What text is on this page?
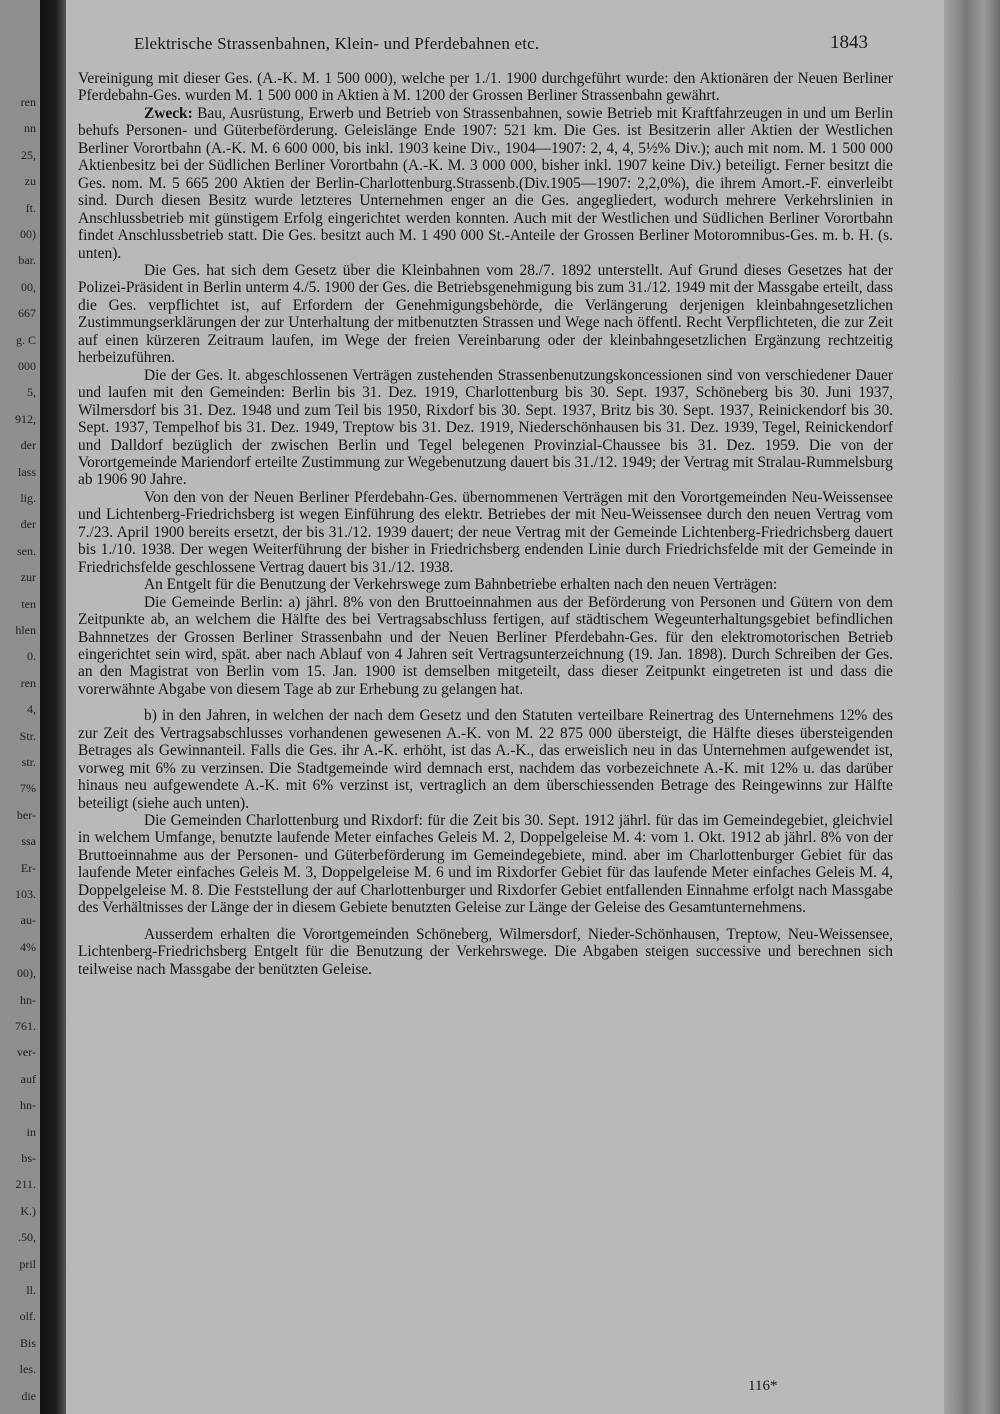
ren
nn
25,
zu
ft.
00)
bar.
00,
667
g. C
000
5,
912,
der
lass
lig.
der
sen.
zur
ten
hlen
0.
ren
4,
Str.
str.
7%
ber-
ssa
Er-
103.
au-
4%
00),
hn-
761.
ver-
auf
hn-
in
bs-
211.
K.)
.50,
pril
ll.
olf.
Bis
les.
die
Elektrische Strassenbahnen, Klein- und Pferdebahnen etc.	1843

Vereinigung mit dieser Ges. (A.-K. M. 1 500 000), welche per 1./1. 1900 durchgeführt wurde: den Aktionären der Neuen Berliner Pferdebahn-Ges. wurden M. 1 500 000 in Aktien à M. 1200 der Grossen Berliner Strassenbahn gewährt.

Zweck: Bau, Ausrüstung, Erwerb und Betrieb von Strassenbahnen, sowie Betrieb mit Kraftfahrzeugen in und um Berlin behufs Personen- und Güterbeförderung. Geleislänge Ende 1907: 521 km. Die Ges. ist Besitzerin aller Aktien der Westlichen Berliner Vorortbahn (A.-K. M. 6 600 000, bis inkl. 1903 keine Div., 1904—1907: 2, 4, 4, 5½% Div.); auch mit nom. M. 1 500 000 Aktienbesitz bei der Südlichen Berliner Vorortbahn (A.-K. M. 3 000 000, bisher inkl. 1907 keine Div.) beteiligt. Ferner besitzt die Ges. nom. M. 5 665 200 Aktien der Berlin-Charlottenburg.Strassenb.(Div.1905—1907: 2,2,0%), die ihrem Amort.-F. einverleibt sind. Durch diesen Besitz wurde letzteres Unternehmen enger an die Ges. angegliedert, wodurch mehrere Verkehrslinien in Anschlussbetrieb mit günstigem Erfolg eingerichtet werden konnten. Auch mit der Westlichen und Südlichen Berliner Vorortbahn findet Anschlussbetrieb statt. Die Ges. besitzt auch M. 1 490 000 St.-Anteile der Grossen Berliner Motoromnibus-Ges. m. b. H. (s. unten).

Die Ges. hat sich dem Gesetz über die Kleinbahnen vom 28./7. 1892 unterstellt. Auf Grund dieses Gesetzes hat der Polizei-Präsident in Berlin unterm 4./5. 1900 der Ges. die Betriebsgenehmigung bis zum 31./12. 1949 mit der Massgabe erteilt, dass die Ges. verpflichtet ist, auf Erfordern der Genehmigungsbehörde, die Verlängerung derjenigen kleinbahngesetzlichen Zustimmungserklärungen der zur Unterhaltung der mitbenutzten Strassen und Wege nach öffentl. Recht Verpflichteten, die zur Zeit auf einen kürzeren Zeitraum laufen, im Wege der freien Vereinbarung oder der kleinbahngesetzlichen Ergänzung rechtzeitig herbeizuführen.

Die der Ges. lt. abgeschlossenen Verträgen zustehenden Strassenbenutzungskoncessionen sind von verschiedener Dauer und laufen mit den Gemeinden: Berlin bis 31. Dez. 1919, Charlottenburg bis 30. Sept. 1937, Schöneberg bis 30. Juni 1937, Wilmersdorf bis 31. Dez. 1948 und zum Teil bis 1950, Rixdorf bis 30. Sept. 1937, Britz bis 30. Sept. 1937, Reinickendorf bis 30. Sept. 1937, Tempelhof bis 31. Dez. 1949, Treptow bis 31. Dez. 1919, Niederschönhausen bis 31. Dez. 1939, Tegel, Reinickendorf und Dalldorf bezüglich der zwischen Berlin und Tegel belegenen Provinzial-Chaussee bis 31. Dez. 1959. Die von der Vorortgemeinde Mariendorf erteilte Zustimmung zur Wegebenutzung dauert bis 31./12. 1949; der Vertrag mit Stralau-Rummelsburg ab 1906 90 Jahre.

Von den von der Neuen Berliner Pferdebahn-Ges. übernommenen Verträgen mit den Vorortgemeinden Neu-Weissensee und Lichtenberg-Friedrichsberg ist wegen Einführung des elektr. Betriebes der mit Neu-Weissensee durch den neuen Vertrag vom 7./23. April 1900 bereits ersetzt, der bis 31./12. 1939 dauert; der neue Vertrag mit der Gemeinde Lichtenberg-Friedrichsberg dauert bis 1./10. 1938. Der wegen Weiterführung der bisher in Friedrichsberg endenden Linie durch Friedrichsfelde mit der Gemeinde in Friedrichsfelde geschlossene Vertrag dauert bis 31./12. 1938.

An Entgelt für die Benutzung der Verkehrswege zum Bahnbetriebe erhalten nach den neuen Verträgen:

Die Gemeinde Berlin: a) jährl. 8% von den Bruttoeinnahmen aus der Beförderung von Personen und Gütern von dem Zeitpunkte ab, an welchem die Hälfte des bei Vertragsabschluss fertigen, auf städtischem Wegeunterhaltungsgebiet befindlichen Bahnnetzes der Grossen Berliner Strassenbahn und der Neuen Berliner Pferdebahn-Ges. für den elektromotorischen Betrieb eingerichtet sein wird, spät. aber nach Ablauf von 4 Jahren seit Vertragsunterzeichnung (19. Jan. 1898). Durch Schreiben der Ges. an den Magistrat von Berlin vom 15. Jan. 1900 ist demselben mitgeteilt, dass dieser Zeitpunkt eingetreten ist und dass die vorerwähnte Abgabe von diesem Tage ab zur Erhebung zu gelangen hat.

b) in den Jahren, in welchen der nach dem Gesetz und den Statuten verteilbare Reinertrag des Unternehmens 12% des zur Zeit des Vertragsabschlusses vorhandenen gewesenen A.-K. von M. 22 875 000 übersteigt, die Hälfte dieses übersteigenden Betrages als Gewinnanteil. Falls die Ges. ihr A.-K. erhöht, ist das A.-K., das erweislich neu in das Unternehmen aufgewendet ist, vorweg mit 6% zu verzinsen. Die Stadtgemeinde wird demnach erst, nachdem das vorbezeichnete A.-K. mit 12% u. das darüber hinaus neu aufgewendete A.-K. mit 6% verzinst ist, vertraglich an dem überschiessenden Betrage des Reingewinns zur Hälfte beteiligt (siehe auch unten).

Die Gemeinden Charlottenburg und Rixdorf: für die Zeit bis 30. Sept. 1912 jährl. für das im Gemeindegebiet, gleichviel in welchem Umfange, benutzte laufende Meter einfaches Geleis M. 2, Doppelgeleise M. 4: vom 1. Okt. 1912 ab jährl. 8% von der Bruttoeinnahme aus der Personen- und Güterbeförderung im Gemeindegebiete, mind. aber im Charlottenburger Gebiet für das laufende Meter einfaches Geleis M. 3, Doppelgeleise M. 6 und im Rixdorfer Gebiet für das laufende Meter einfaches Geleis M. 4, Doppelgeleise M. 8. Die Feststellung der auf Charlottenburger und Rixdorfer Gebiet entfallenden Einnahme erfolgt nach Massgabe des Verhältnisses der Länge der in diesem Gebiete benutzten Geleise zur Länge der Geleise des Gesamtunternehmens.

Ausserdem erhalten die Vorortgemeinden Schöneberg, Wilmersdorf, Nieder-Schönhausen, Treptow, Neu-Weissensee, Lichtenberg-Friedrichsberg Entgelt für die Benutzung der Verkehrswege. Die Abgaben steigen successive und berechnen sich teilweise nach Massgabe der benützten Geleise.

116*
